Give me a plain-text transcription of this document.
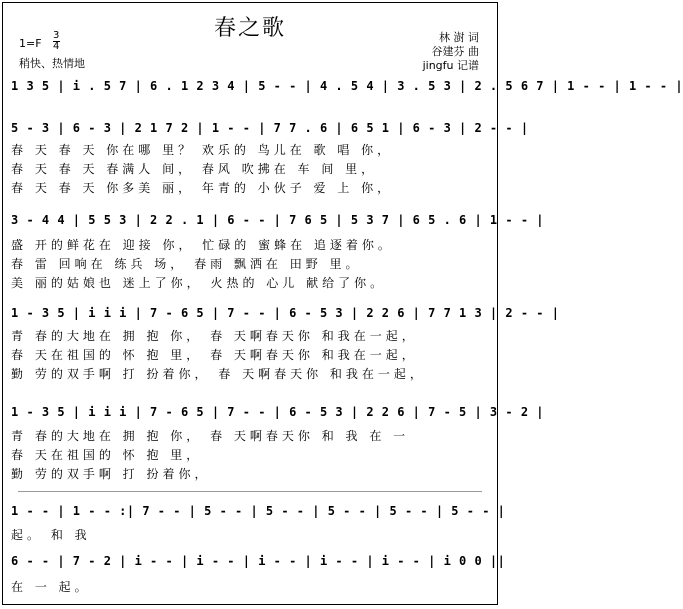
春之歌
1=F
3
4
稍快、热情地
林 澍 词
谷建芬 曲
jingfu 记谱
1 3 5 | i . 5 7 | 6 . 1 2 3 4 | 5 - - | 4 . 5 4 | 3 . 5 3 | 2 . 5 6 7 | 1 - - | 1 - - |
5 - 3 | 6 - 3 | 2 1 7 2 | 1 - - | 7 7 . 6 | 6 5 1 | 6 - 3 | 2 - - |
春 天 春 天 你在哪 里？ 欢乐的 鸟儿在 歌 唱 你，
春 天 春 天 春满人 间， 春风 吹拂在 车 间 里，
春 天 春 天 你多美 丽， 年青的 小伙子 爱 上 你，
3 - 4 4 | 5 5 3 | 2 2 . 1 | 6 - - | 7 6 5 | 5 3 7 | 6 5 . 6 | 1 - - |
盛 开的鲜花在 迎接 你， 忙碌的 蜜蜂在 追逐着你。
春 雷 回响在 练兵 场， 春雨 飘洒在 田野 里。
美 丽的姑娘也 迷上了你， 火热的 心儿 献给了你。
1 - 3 5 | i i i | 7 - 6 5 | 7 - - | 6 - 5 3 | 2 2 6 | 7 7 1 3 | 2 - - |
青 春的大地在 拥 抱 你， 春 天啊春天你 和我在一起，
春 天在祖国的 怀 抱 里， 春 天啊春天你 和我在一起，
勤 劳的双手啊 打 扮着你， 春 天啊春天你 和我在一起，
1 - 3 5 | i i i | 7 - 6 5 | 7 - - | 6 - 5 3 | 2 2 6 | 7 - 5 | 3 - 2 |
青 春的大地在 拥 抱 你， 春 天啊春天你 和 我 在 一
春 天在祖国的 怀 抱 里，
勤 劳的双手啊 打 扮着你，
1 - - | 1 - - :| 7 - - | 5 - - | 5 - - | 5 - - | 5 - - | 5 - - |
起。 和 我
6 - - | 7 - 2 | i - - | i - - | i - - | i - - | i - - | i 0 0 ||
在 一 起。
